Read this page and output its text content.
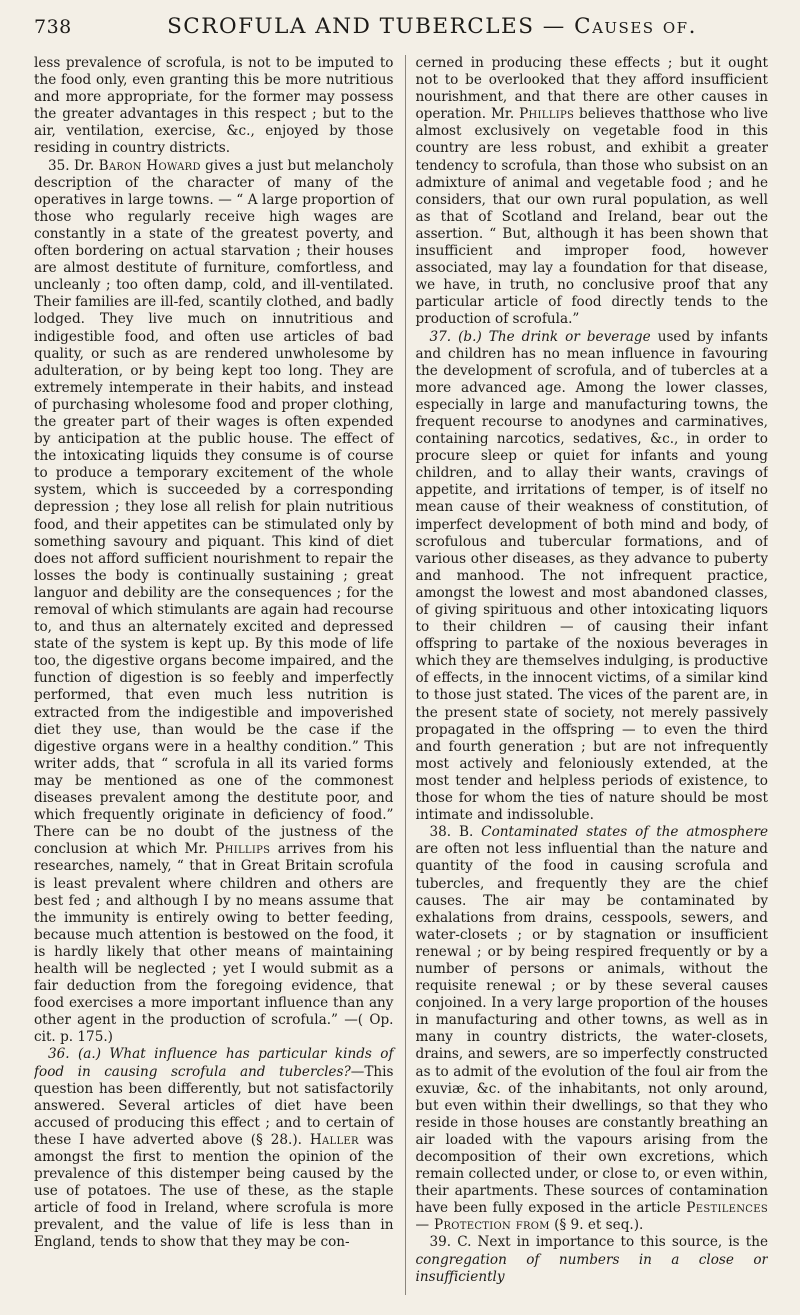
738	SCROFULA AND TUBERCLES — Causes of.

less prevalence of scrofula, is not to be imputed to the food only, even granting this be more nutritious and more appropriate, for the former may possess the greater advantages in this respect ; but to the air, ventilation, exercise, &c., enjoyed by those residing in country districts.

35. Dr. Baron Howard gives a just but melancholy description of the character of many of the operatives in large towns. — “ A large proportion of those who regularly receive high wages are constantly in a state of the greatest poverty, and often bordering on actual starvation ; their houses are almost destitute of furniture, comfortless, and uncleanly ; too often damp, cold, and ill-ventilated. Their families are ill-fed, scantily clothed, and badly lodged. They live much on innutritious and indigestible food, and often use articles of bad quality, or such as are rendered unwholesome by adulteration, or by being kept too long. They are extremely intemperate in their habits, and instead of purchasing wholesome food and proper clothing, the greater part of their wages is often expended by anticipation at the public house. The effect of the intoxicating liquids they consume is of course to produce a temporary excitement of the whole system, which is succeeded by a corresponding depression ; they lose all relish for plain nutritious food, and their appetites can be stimulated only by something savoury and piquant. This kind of diet does not afford sufficient nourishment to repair the losses the body is continually sustaining ; great languor and debility are the consequences ; for the removal of which stimulants are again had recourse to, and thus an alternately excited and depressed state of the system is kept up. By this mode of life too, the digestive organs become impaired, and the function of digestion is so feebly and imperfectly performed, that even much less nutrition is extracted from the indigestible and impoverished diet they use, than would be the case if the digestive organs were in a healthy condition.” This writer adds, that “ scrofula in all its varied forms may be mentioned as one of the commonest diseases prevalent among the destitute poor, and which frequently originate in deficiency of food.” There can be no doubt of the justness of the conclusion at which Mr. Phillips arrives from his researches, namely, “ that in Great Britain scrofula is least prevalent where children and others are best fed ; and although I by no means assume that the immunity is entirely owing to better feeding, because much attention is bestowed on the food, it is hardly likely that other means of maintaining health will be neglected ; yet I would submit as a fair deduction from the foregoing evidence, that food exercises a more important influence than any other agent in the production of scrofula.” —( Op. cit. p. 175.)

36. (a.) What influence has particular kinds of food in causing scrofula and tubercles?—This question has been differently, but not satisfactorily answered. Several articles of diet have been accused of producing this effect ; and to certain of these I have adverted above (§ 28.). Haller was amongst the first to mention the opinion of the prevalence of this distemper being caused by the use of potatoes. The use of these, as the staple article of food in Ireland, where scrofula is more prevalent, and the value of life is less than in England, tends to show that they may be con-

cerned in producing these effects ; but it ought not to be overlooked that they afford insufficient nourishment, and that there are other causes in operation. Mr. Phillips believes thatthose who live almost exclusively on vegetable food in this country are less robust, and exhibit a greater tendency to scrofula, than those who subsist on an admixture of animal and vegetable food ; and he considers, that our own rural population, as well as that of Scotland and Ireland, bear out the assertion. “ But, although it has been shown that insufficient and improper food, however associated, may lay a foundation for that disease, we have, in truth, no conclusive proof that any particular article of food directly tends to the production of scrofula.”

37. (b.) The drink or beverage used by infants and children has no mean influence in favouring the development of scrofula, and of tubercles at a more advanced age. Among the lower classes, especially in large and manufacturing towns, the frequent recourse to anodynes and carminatives, containing narcotics, sedatives, &c., in order to procure sleep or quiet for infants and young children, and to allay their wants, cravings of appetite, and irritations of temper, is of itself no mean cause of their weakness of constitution, of imperfect development of both mind and body, of scrofulous and tubercular formations, and of various other diseases, as they advance to puberty and manhood. The not infrequent practice, amongst the lowest and most abandoned classes, of giving spirituous and other intoxicating liquors to their children — of causing their infant offspring to partake of the noxious beverages in which they are themselves indulging, is productive of effects, in the innocent victims, of a similar kind to those just stated. The vices of the parent are, in the present state of society, not merely passively propagated in the offspring — to even the third and fourth generation ; but are not infrequently most actively and feloniously extended, at the most tender and helpless periods of existence, to those for whom the ties of nature should be most intimate and indissoluble.

38. B. Contaminated states of the atmosphere are often not less influential than the nature and quantity of the food in causing scrofula and tubercles, and frequently they are the chief causes. The air may be contaminated by exhalations from drains, cesspools, sewers, and water-closets ; or by stagnation or insufficient renewal ; or by being respired frequently or by a number of persons or animals, without the requisite renewal ; or by these several causes conjoined. In a very large proportion of the houses in manufacturing and other towns, as well as in many in country districts, the water-closets, drains, and sewers, are so imperfectly constructed as to admit of the evolution of the foul air from the exuviæ, &c. of the inhabitants, not only around, but even within their dwellings, so that they who reside in those houses are constantly breathing an air loaded with the vapours arising from the decomposition of their own excretions, which remain collected under, or close to, or even within, their apartments. These sources of contamination have been fully exposed in the article Pestilences — Protection from (§ 9. et seq.).

39. C. Next in importance to this source, is the congregation of numbers in a close or insufficiently
